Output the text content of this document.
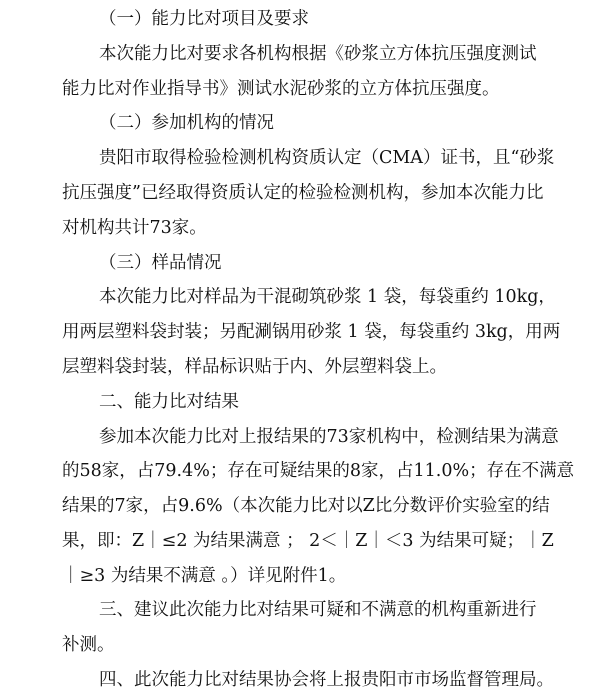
（一）能力比对项目及要求
本次能力比对要求各机构根据《砂浆立方体抗压强度测试
能力比对作业指导书》测试水泥砂浆的立方体抗压强度。
（二）参加机构的情况
贵阳市取得检验检测机构资质认定（CMA）证书，且“砂浆
抗压强度”已经取得资质认定的检验检测机构，参加本次能力比
对机构共计73家。
（三）样品情况
本次能力比对样品为干混砌筑砂浆 1 袋，每袋重约 10kg，
用两层塑料袋封装；另配涮锅用砂浆 1 袋，每袋重约 3kg，用两
层塑料袋封装，样品标识贴于内、外层塑料袋上。
二、能力比对结果
参加本次能力比对上报结果的73家机构中，检测结果为满意
的58家，占79.4%；存在可疑结果的8家，占11.0%；存在不满意
结果的7家，占9.6%（本次能力比对以Z比分数评价实验室的结
果，即：Z｜≤2 为结果满意 ； 2＜｜Z｜＜3 为结果可疑；｜Z
｜≥3 为结果不满意 。）详见附件1。
三、建议此次能力比对结果可疑和不满意的机构重新进行
补测。
四、此次能力比对结果协会将上报贵阳市市场监督管理局。
